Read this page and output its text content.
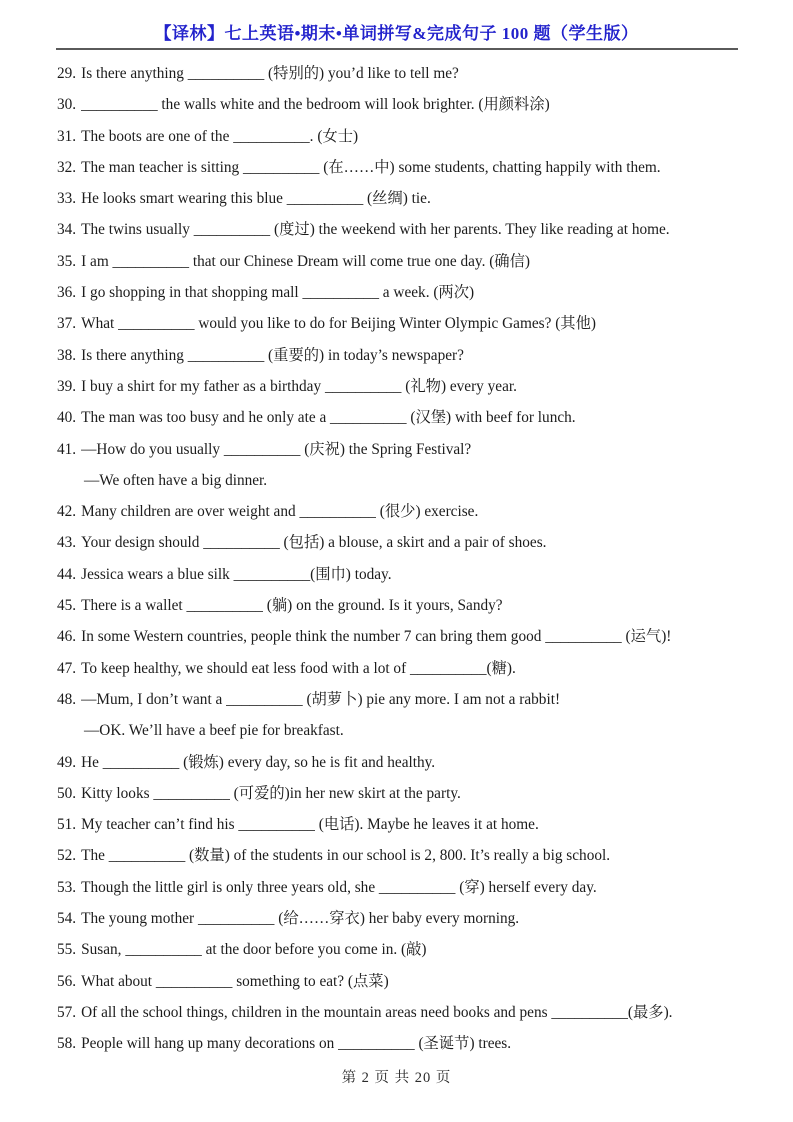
【译林】七上英语•期末•单词拼写&完成句子 100 题（学生版）
29. Is there anything __________ (特别的) you’d like to tell me?
30. __________ the walls white and the bedroom will look brighter. (用颜料涂)
31. The boots are one of the __________. (女士)
32. The man teacher is sitting __________ (在……中) some students, chatting happily with them.
33. He looks smart wearing this blue __________ (丝绸) tie.
34. The twins usually __________ (度过) the weekend with her parents. They like reading at home.
35. I am __________ that our Chinese Dream will come true one day. (确信)
36. I go shopping in that shopping mall __________ a week. (两次)
37. What __________ would you like to do for Beijing Winter Olympic Games? (其他)
38. Is there anything __________ (重要的) in today’s newspaper?
39. I buy a shirt for my father as a birthday __________ (礼物) every year.
40. The man was too busy and he only ate a __________ (汉堡) with beef for lunch.
41. —How do you usually __________ (庆祝) the Spring Festival?
—We often have a big dinner.
42. Many children are over weight and __________ (很少) exercise.
43. Your design should __________ (包括) a blouse, a skirt and a pair of shoes.
44. Jessica wears a blue silk __________(围巾) today.
45. There is a wallet __________ (躺) on the ground. Is it yours, Sandy?
46. In some Western countries, people think the number 7 can bring them good __________ (运气)!
47. To keep healthy, we should eat less food with a lot of __________(糖).
48. —Mum, I don’t want a __________ (胡萝卜) pie any more. I am not a rabbit!
—OK. We’ll have a beef pie for breakfast.
49. He __________ (锻炼) every day, so he is fit and healthy.
50. Kitty looks __________ (可爱的)in her new skirt at the party.
51. My teacher can’t find his __________ (电话). Maybe he leaves it at home.
52. The __________ (数量) of the students in our school is 2, 800. It’s really a big school.
53. Though the little girl is only three years old, she __________ (穿) herself every day.
54. The young mother __________ (给……穿衣) her baby every morning.
55. Susan, __________ at the door before you come in. (敲)
56. What about __________ something to eat? (点菜)
57. Of all the school things, children in the mountain areas need books and pens __________(最多).
58. People will hang up many decorations on __________ (圣诞节) trees.
第 2 页 共 20 页
